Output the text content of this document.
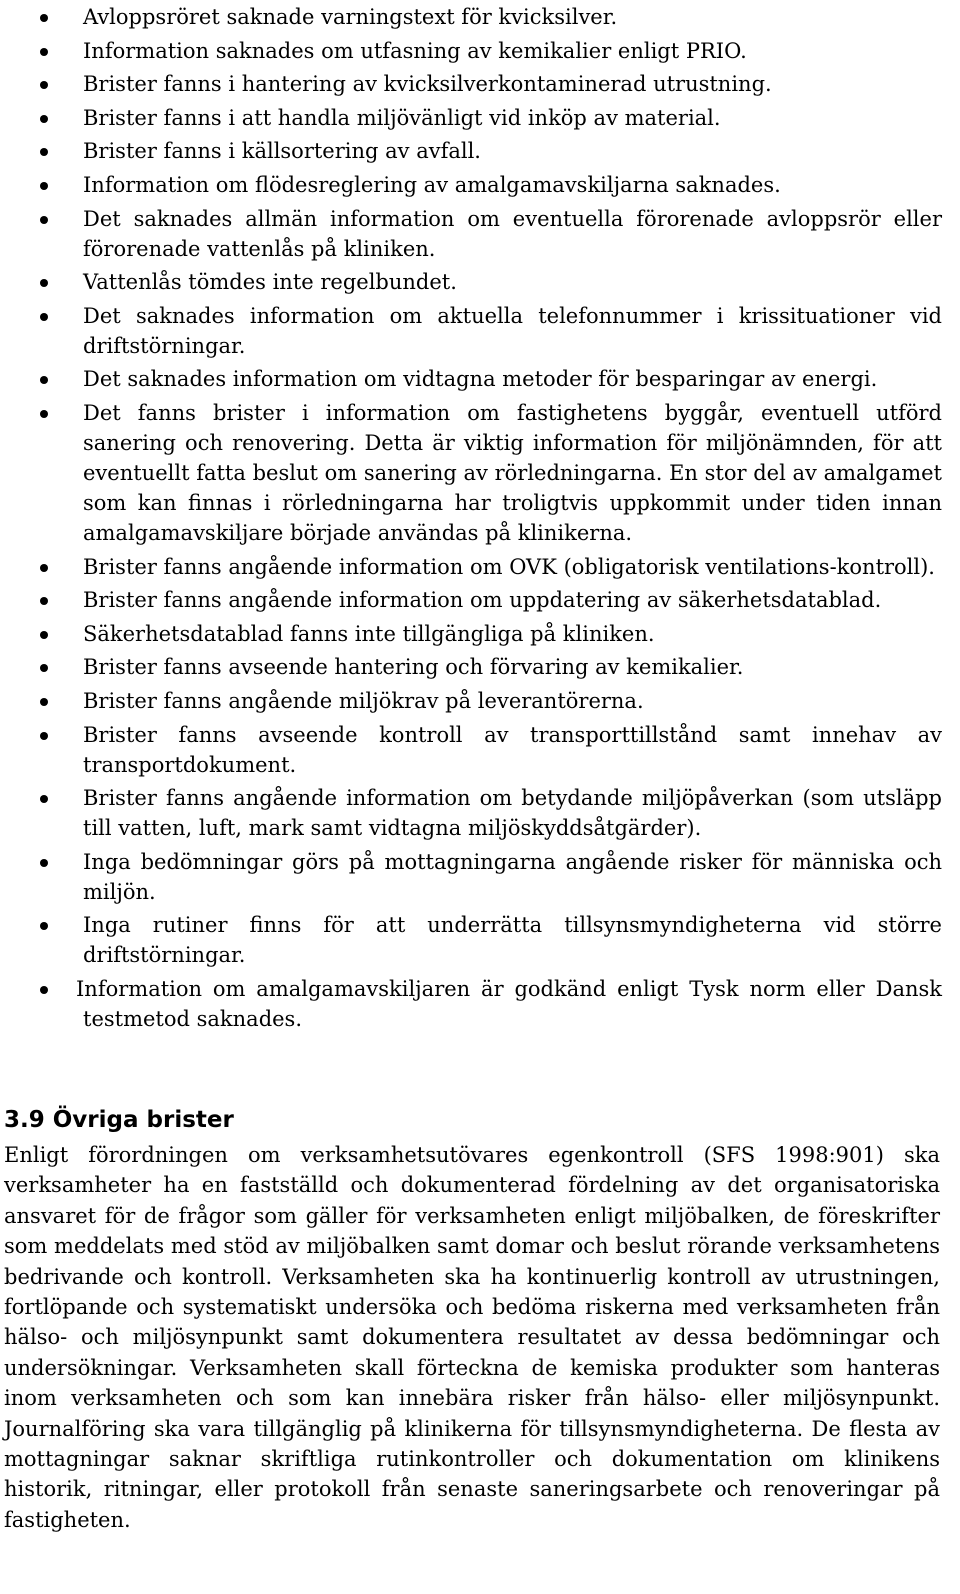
Avloppsröret saknade varningstext för kvicksilver.
Information saknades om utfasning av kemikalier enligt PRIO.
Brister fanns i hantering av kvicksilverkontaminerad utrustning.
Brister fanns i att handla miljövänligt vid inköp av material.
Brister fanns i källsortering av avfall.
Information om flödesreglering av amalgamavskiljarna saknades.
Det saknades allmän information om eventuella förorenade avloppsrör eller förorenade vattenlås på kliniken.
Vattenlås tömdes inte regelbundet.
Det saknades information om aktuella telefonnummer i krissituationer vid driftstörningar.
Det saknades information om vidtagna metoder för besparingar av energi.
Det fanns brister i information om fastighetens byggår, eventuell utförd sanering och renovering. Detta är viktig information för miljönämnden, för att eventuellt fatta beslut om sanering av rörledningarna. En stor del av amalgamet som kan finnas i rörledningarna har troligtvis uppkommit under tiden innan amalgamavskiljare började användas på klinikerna.
Brister fanns angående information om OVK (obligatorisk ventilations-kontroll).
Brister fanns angående information om uppdatering av säkerhetsdatablad.
Säkerhetsdatablad fanns inte tillgängliga på kliniken.
Brister fanns avseende hantering och förvaring av kemikalier.
Brister fanns angående miljökrav på leverantörerna.
Brister fanns avseende kontroll av transporttillstånd samt innehav av transportdokument.
Brister fanns angående information om betydande miljöpåverkan (som utsläpp till vatten, luft, mark samt vidtagna miljöskyddsåtgärder).
Inga bedömningar görs på mottagningarna angående risker för människa och miljön.
Inga rutiner finns för att underrätta tillsynsmyndigheterna vid större driftstörningar.
Information om amalgamavskiljaren är godkänd enligt Tysk norm eller Dansk testmetod saknades.
3.9 Övriga brister

Enligt förordningen om verksamhetsutövares egenkontroll (SFS 1998:901) ska verksamheter ha en fastställd och dokumenterad fördelning av det organisatoriska ansvaret för de frågor som gäller för verksamheten enligt miljöbalken, de föreskrifter som meddelats med stöd av miljöbalken samt domar och beslut rörande verksamhetens bedrivande och kontroll. Verksamheten ska ha kontinuerlig kontroll av utrustningen, fortlöpande och systematiskt undersöka och bedöma riskerna med verksamheten från hälso- och miljösynpunkt samt dokumentera resultatet av dessa bedömningar och undersökningar. Verksamheten skall förteckna de kemiska produkter som hanteras inom verksamheten och som kan innebära risker från hälso- eller miljösynpunkt. Journalföring ska vara tillgänglig på klinikerna för tillsynsmyndigheterna. De flesta av mottagningar saknar skriftliga rutinkontroller och dokumentation om klinikens historik, ritningar, eller protokoll från senaste saneringsarbete och renoveringar på fastigheten.
